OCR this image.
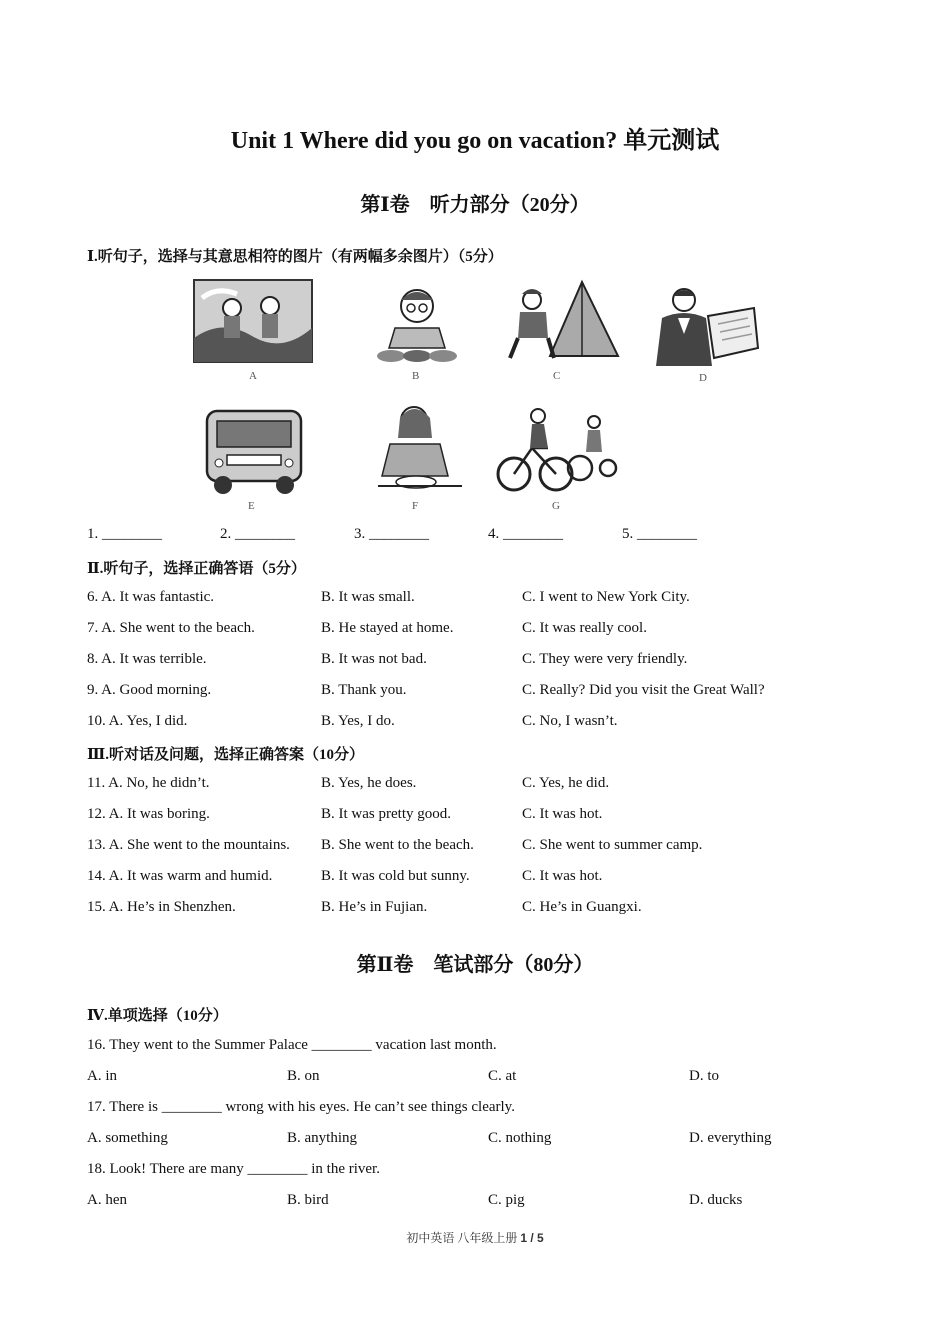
Unit 1 Where did you go on vacation? 单元测试
第Ⅰ卷　听力部分（20分）
Ⅰ.听句子，选择与其意思相符的图片（有两幅多余图片）（5分）
A	B	C	D
E	F	G
1. ________	2. ________	3. ________	4. ________	5. ________
Ⅱ.听句子，选择正确答语（5分）
6. A. It was fantastic.	B. It was small.	C. I went to New York City.
7. A. She went to the beach.	B. He stayed at home.	C. It was really cool.
8. A. It was terrible.	B. It was not bad.	C. They were very friendly.
9. A. Good morning.	B. Thank you.	C. Really? Did you visit the Great Wall?
10. A. Yes, I did.	B. Yes, I do.	C. No, I wasn’t.
Ⅲ.听对话及问题，选择正确答案（10分）
11. A. No, he didn’t.	B. Yes, he does.	C. Yes, he did.
12. A. It was boring.	B. It was pretty good.	C. It was hot.
13. A. She went to the mountains. B. She went to the beach.	C. She went to summer camp.
14. A. It was warm and humid.	B. It was cold but sunny.	C. It was hot.
15. A. He’s in Shenzhen.	B. He’s in Fujian.	C. He’s in Guangxi.
第Ⅱ卷　笔试部分（80分）
Ⅳ.单项选择（10分）
16. They went to the Summer Palace ________ vacation last month.
A. in	B. on	C. at	D. to
17. There is ________ wrong with his eyes. He can’t see things clearly.
A. something	B. anything	C. nothing	D. everything
18. Look! There are many ________ in the river.
A. hen	B. bird	C. pig	D. ducks
初中英语 八年级上册 1 / 5
